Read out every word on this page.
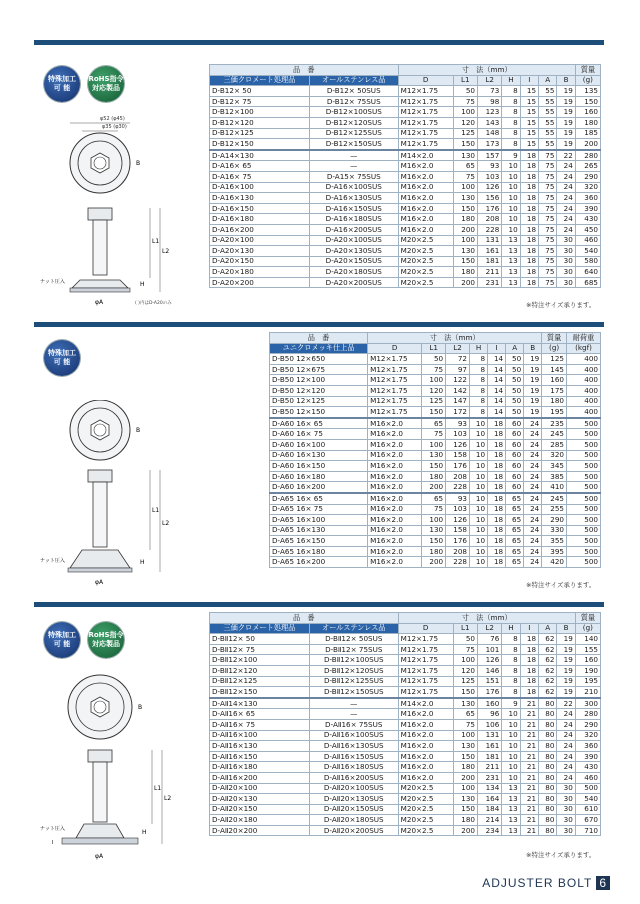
特殊加工
可 能
RoHS指令
対応製品
φ52 (φ45)
φ35 (φ30)
B
L1
L2
H
ナット圧入
φA	( )内はD-A20のみ
品　番		寸　法（mm）							質量
三価クロメート処理品	オールステンレス品	D	L1	L2	H	I	A	B	(g)
D-B12× 50	D-B12× 50SUS	M12×1.75	50	73	8	15	55	19	135
D-B12× 75	D-B12× 75SUS	M12×1.75	75	98	8	15	55	19	150
D-B12×100	D-B12×100SUS	M12×1.75	100	123	8	15	55	19	160
D-B12×120	D-B12×120SUS	M12×1.75	120	143	8	15	55	19	180
D-B12×125	D-B12×125SUS	M12×1.75	125	148	8	15	55	19	185
D-B12×150	D-B12×150SUS	M12×1.75	150	173	8	15	55	19	200
D-A14×130	—	M14×2.0	130	157	9	18	75	22	280
D-A16× 65	—	M16×2.0	65	93	10	18	75	24	265
D-A16× 75	D-A15× 75SUS	M16×2.0	75	103	10	18	75	24	290
D-A16×100	D-A16×100SUS	M16×2.0	100	126	10	18	75	24	320
D-A16×130	D-A16×130SUS	M16×2.0	130	156	10	18	75	24	360
D-A16×150	D-A16×150SUS	M16×2.0	150	176	10	18	75	24	390
D-A16×180	D-A16×180SUS	M16×2.0	180	208	10	18	75	24	430
D-A16×200	D-A16×200SUS	M16×2.0	200	228	10	18	75	24	450
D-A20×100	D-A20×100SUS	M20×2.5	100	131	13	18	75	30	460
D-A20×130	D-A20×130SUS	M20×2.5	130	161	13	18	75	30	540
D-A20×150	D-A20×150SUS	M20×2.5	150	181	13	18	75	30	580
D-A20×180	D-A20×180SUS	M20×2.5	180	211	13	18	75	30	640
D-A20×200	D-A20×200SUS	M20×2.5	200	231	13	18	75	30	685
※特注サイズ承ります。
特殊加工
可 能
B
L1
L2
H
ナット圧入
φA
品　番	寸　法（mm）							質量	耐荷重
ユニクロメッキ仕上品	D	L1	L2	H	I	A	B	(g)	(kgf)
D-B50 12×650	M12×1.75	50	72	8	14	50	19	125	400
D-B50 12×675	M12×1.75	75	97	8	14	50	19	145	400
D-B50 12×100	M12×1.75	100	122	8	14	50	19	160	400
D-B50 12×120	M12×1.75	120	142	8	14	50	19	175	400
D-B50 12×125	M12×1.75	125	147	8	14	50	19	180	400
D-B50 12×150	M12×1.75	150	172	8	14	50	19	195	400
D-A60 16× 65	M16×2.0	65	93	10	18	60	24	235	500
D-A60 16× 75	M16×2.0	75	103	10	18	60	24	245	500
D-A60 16×100	M16×2.0	100	126	10	18	60	24	285	500
D-A60 16×130	M16×2.0	130	158	10	18	60	24	320	500
D-A60 16×150	M16×2.0	150	176	10	18	60	24	345	500
D-A60 16×180	M16×2.0	180	208	10	18	60	24	385	500
D-A60 16×200	M16×2.0	200	228	10	18	60	24	410	500
D-A65 16× 65	M16×2.0	65	93	10	18	65	24	245	500
D-A65 16× 75	M16×2.0	75	103	10	18	65	24	255	500
D-A65 16×100	M16×2.0	100	126	10	18	65	24	290	500
D-A65 16×130	M16×2.0	130	158	10	18	65	24	330	500
D-A65 16×150	M16×2.0	150	176	10	18	65	24	355	500
D-A65 16×180	M16×2.0	180	208	10	18	65	24	395	500
D-A65 16×200	M16×2.0	200	228	10	18	65	24	420	500
※特注サイズ承ります。
特殊加工
可 能
RoHS指令
対応製品
B
L1
L2
H
I
ナット圧入
φA
品　番		寸　法（mm）							質量
三価クロメート処理品	オールステンレス品	D	L1	L2	H	I	A	B	(g)
D-BⅡ12× 50	D-BⅡ12× 50SUS	M12×1.75	50	76	8	18	62	19	140
D-BⅡ12× 75	D-BⅡ12× 75SUS	M12×1.75	75	101	8	18	62	19	155
D-BⅡ12×100	D-BⅡ12×100SUS	M12×1.75	100	126	8	18	62	19	160
D-BⅡ12×120	D-BⅡ12×120SUS	M12×1.75	120	146	8	18	62	19	190
D-BⅡ12×125	D-BⅡ12×125SUS	M12×1.75	125	151	8	18	62	19	195
D-BⅡ12×150	D-BⅡ12×150SUS	M12×1.75	150	176	8	18	62	19	210
D-AⅡ14×130	—	M14×2.0	130	160	9	21	80	22	300
D-AⅡ16× 65	—	M16×2.0	65	96	10	21	80	24	280
D-AⅡ16× 75	D-AⅡ16× 75SUS	M16×2.0	75	106	10	21	80	24	290
D-AⅡ16×100	D-AⅡ16×100SUS	M16×2.0	100	131	10	21	80	24	320
D-AⅡ16×130	D-AⅡ16×130SUS	M16×2.0	130	161	10	21	80	24	360
D-AⅡ16×150	D-AⅡ16×150SUS	M16×2.0	150	181	10	21	80	24	390
D-AⅡ16×180	D-AⅡ16×180SUS	M16×2.0	180	211	10	21	80	24	430
D-AⅡ16×200	D-AⅡ16×200SUS	M16×2.0	200	231	10	21	80	24	460
D-AⅡ20×100	D-AⅡ20×100SUS	M20×2.5	100	134	13	21	80	30	500
D-AⅡ20×130	D-AⅡ20×130SUS	M20×2.5	130	164	13	21	80	30	540
D-AⅡ20×150	D-AⅡ20×150SUS	M20×2.5	150	184	13	21	80	30	610
D-AⅡ20×180	D-AⅡ20×180SUS	M20×2.5	180	214	13	21	80	30	670
D-AⅡ20×200	D-AⅡ20×200SUS	M20×2.5	200	234	13	21	80	30	710
※特注サイズ承ります。
ADJUSTER BOLT 6
